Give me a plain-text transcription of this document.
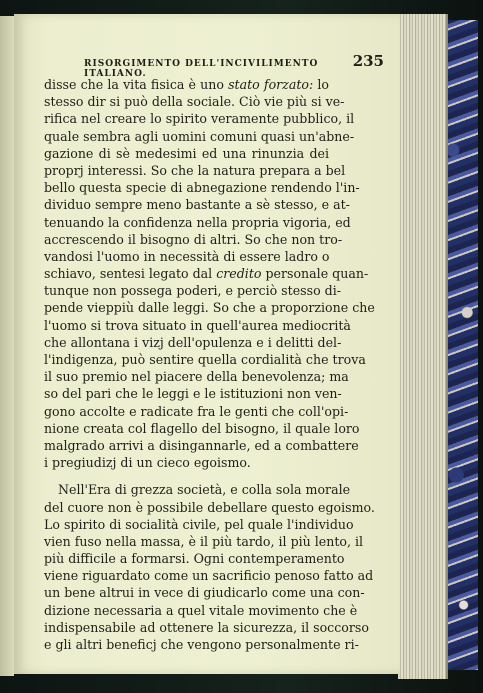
RISORGIMENTO DELL'INCIVILIMENTO ITALIANO.
235
disse che la vita fisica è uno stato forzato: lo
stesso dir si può della sociale. Ciò vie più si ve-
rifica nel creare lo spirito veramente pubblico, il
quale sembra agli uomini comuni quasi un'abne-
gazione di sè medesimi ed una rinunzia dei
proprj interessi. So che la natura prepara a bel
bello questa specie di abnegazione rendendo l'in-
dividuo sempre meno bastante a sè stesso, e at-
tenuando la confidenza nella propria vigoria, ed
accrescendo il bisogno di altri. So che non tro-
vandosi l'uomo in necessità di essere ladro o
schiavo, sentesi legato dal credito personale quan-
tunque non possega poderi, e perciò stesso di-
pende vieppiù dalle leggi. So che a proporzione che
l'uomo si trova situato in quell'aurea mediocrità
che allontana i vizj dell'opulenza e i delitti del-
l'indigenza, può sentire quella cordialità che trova
il suo premio nel piacere della benevolenza; ma
so del pari che le leggi e le istituzioni non ven-
gono accolte e radicate fra le genti che coll'opi-
nione creata col flagello del bisogno, il quale loro
malgrado arrivi a disingannarle, ed a combattere
i pregiudizj di un cieco egoismo.
Nell'Era di grezza società, e colla sola morale
del cuore non è possibile debellare questo egoismo.
Lo spirito di socialità civile, pel quale l'individuo
vien fuso nella massa, è il più tardo, il più lento, il
più difficile a formarsi. Ogni contemperamento
viene riguardato come un sacrificio penoso fatto ad
un bene altrui in vece di giudicarlo come una con-
dizione necessaria a quel vitale movimento che è
indispensabile ad ottenere la sicurezza, il soccorso
e gli altri beneficj che vengono personalmente ri-
